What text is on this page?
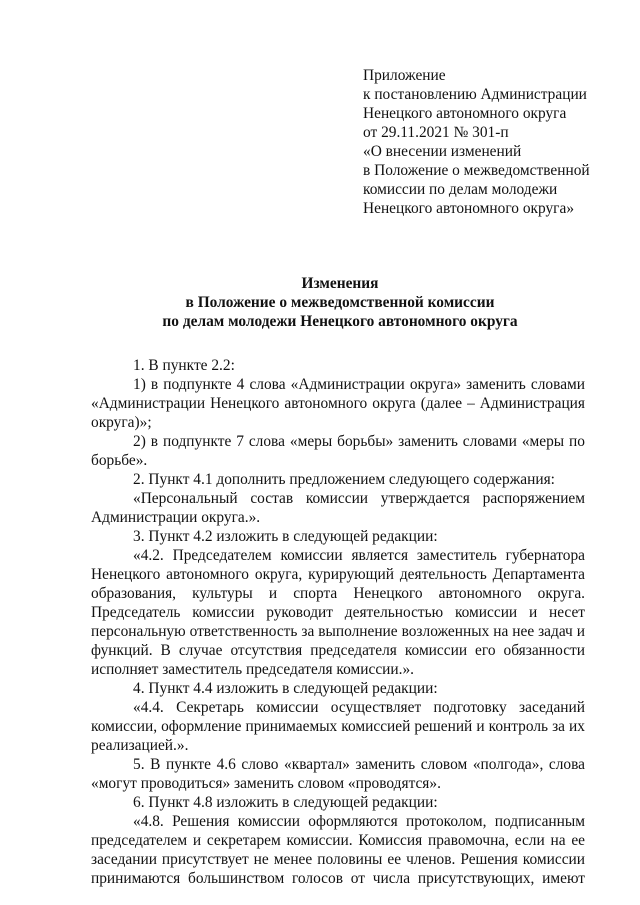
Приложение
к постановлению Администрации
Ненецкого автономного округа
от 29.11.2021 № 301-п
«О внесении изменений
в Положение о межведомственной
комиссии по делам молодежи
Ненецкого автономного округа»
Изменения
в Положение о межведомственной комиссии
по делам молодежи Ненецкого автономного округа

1. В пункте 2.2:

1) в подпункте 4 слова «Администрации округа» заменить словами «Администрации Ненецкого автономного округа (далее – Администрация округа)»;

2) в подпункте 7 слова «меры борьбы» заменить словами «меры по борьбе».

2. Пункт 4.1 дополнить предложением следующего содержания:

«Персональный состав комиссии утверждается распоряжением Администрации округа.».

3. Пункт 4.2 изложить в следующей редакции:

«4.2. Председателем комиссии является заместитель губернатора Ненецкого автономного округа, курирующий деятельность Департамента образования, культуры и спорта Ненецкого автономного округа. Председатель комиссии руководит деятельностью комиссии и несет персональную ответственность за выполнение возложенных на нее задач и функций. В случае отсутствия председателя комиссии его обязанности исполняет заместитель председателя комиссии.».

4. Пункт 4.4 изложить в следующей редакции:

«4.4. Секретарь комиссии осуществляет подготовку заседаний комиссии, оформление принимаемых комиссией решений и контроль за их реализацией.».

5. В пункте 4.6 слово «квартал» заменить словом «полгода», слова «могут проводиться» заменить словом «проводятся».

6. Пункт 4.8 изложить в следующей редакции:

«4.8. Решения комиссии оформляются протоколом, подписанным председателем и секретарем комиссии. Комиссия правомочна, если на ее заседании присутствует не менее половины ее членов. Решения комиссии принимаются большинством голосов от числа присутствующих, имеют
